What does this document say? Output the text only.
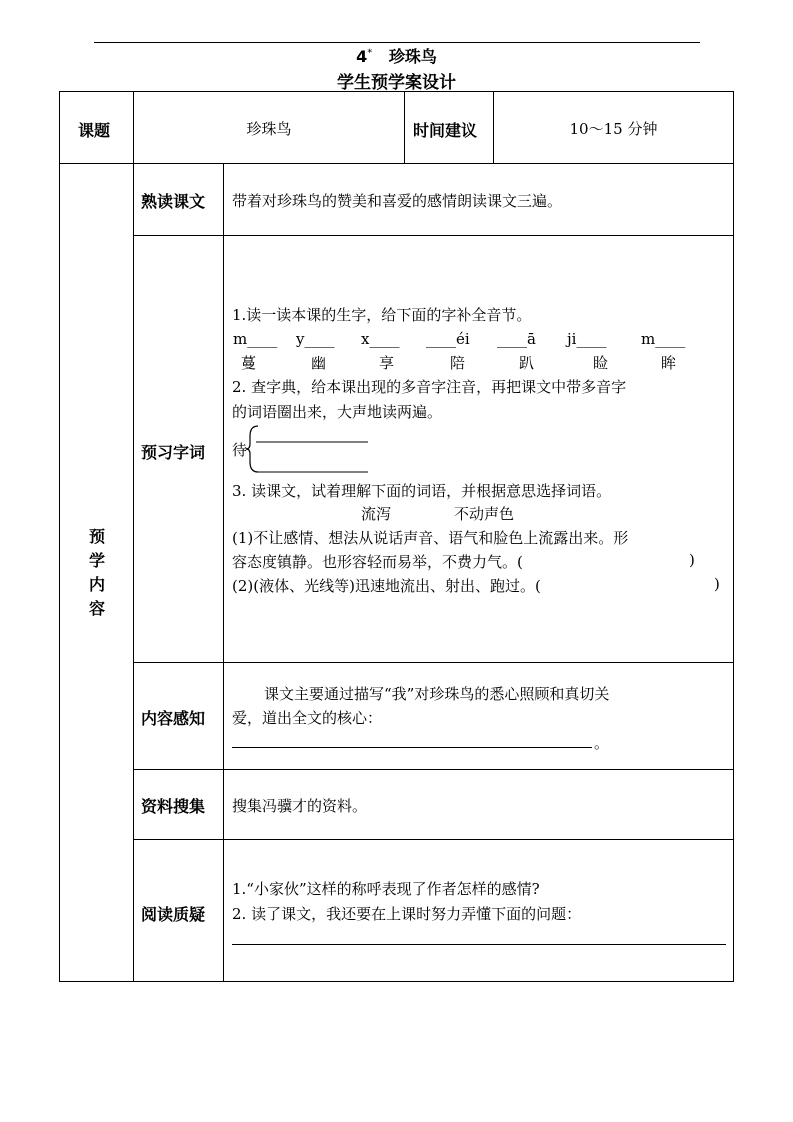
4* 珍珠鸟
学生预学案设计
课题	珍珠鸟	时间建议	10～15 分钟
预
学
内
容
熟读课文 带着对珍珠鸟的赞美和喜爱的感情朗读课文三遍。
预习字词
1.读一读本课的生字，给下面的字补全音节。
m____ y____ x____ ____éi ____ā ji____ m____
蔓	幽	享	陪	趴	睑	眸
2. 查字典，给本课出现的多音字注音，再把课文中带多音字
的词语圈出来，大声地读两遍。
待
3. 读课文，试着理解下面的词语，并根据意思选择词语。
流泻	不动声色
(1)不让感情、想法从说话声音、语气和脸色上流露出来。形
容态度镇静。也形容轻而易举，不费力气。(	)
(2)(液体、光线等)迅速地流出、射出、跑过。(	)
内容感知
课文主要通过描写“我”对珍珠鸟的悉心照顾和真切关
爱，道出全文的核心：
。
资料搜集 搜集冯骥才的资料。
阅读质疑
1.“小家伙”这样的称呼表现了作者怎样的感情?
2. 读了课文，我还要在上课时努力弄懂下面的问题：
